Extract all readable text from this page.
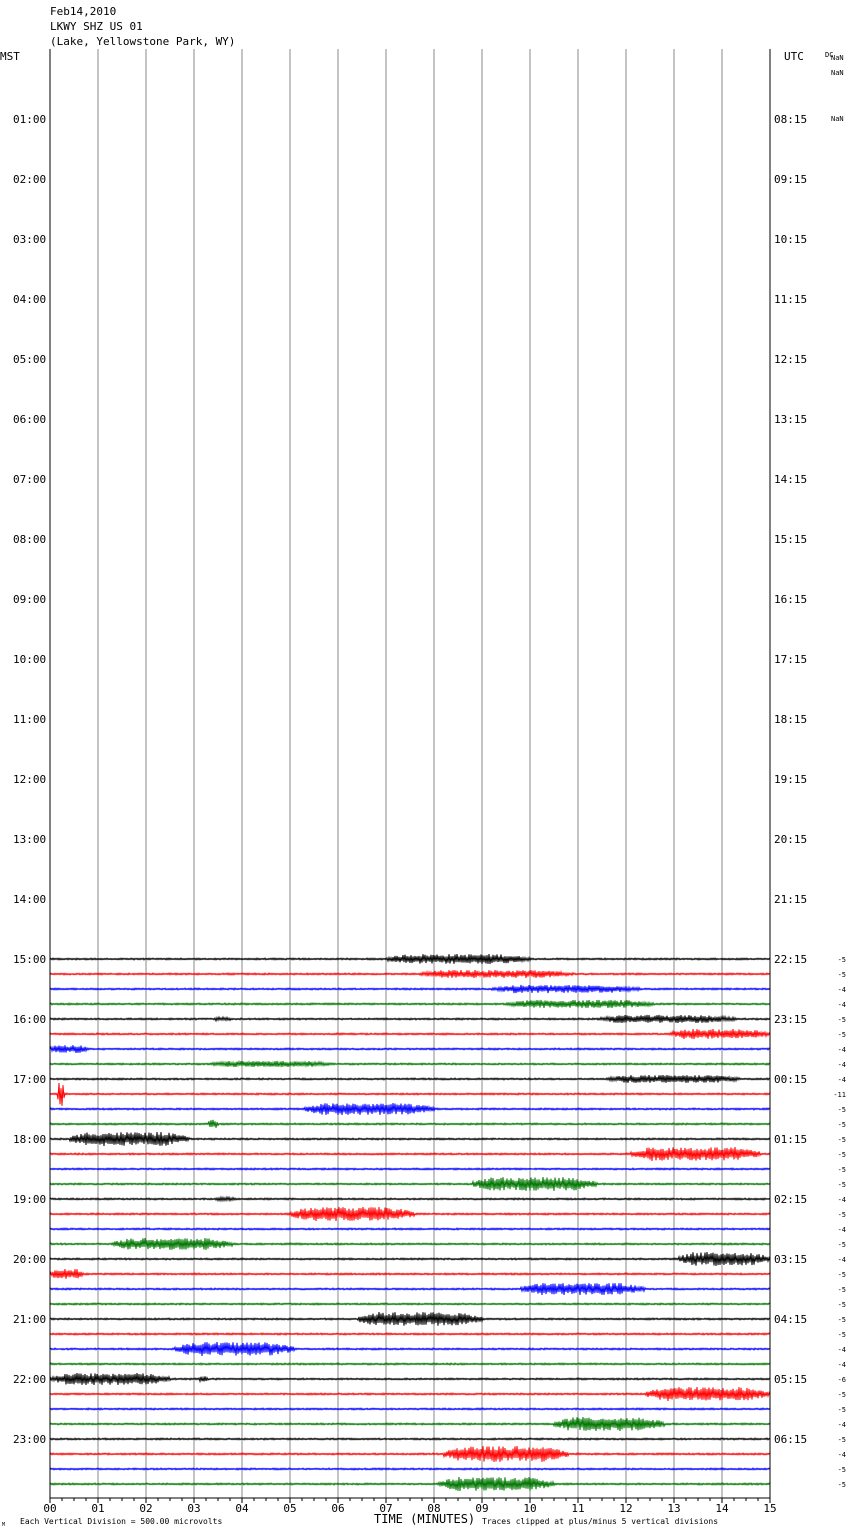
Feb14,2010
LKWY SHZ US 01
(Lake, Yellowstone Park, WY)
00	01	02	03	04	05	06	07	08	09	10	11	12	13	14	15
01:00	08:15
02:00	09:15
03:00	10:15
04:00	11:15
05:00	12:15
06:00	13:15
07:00	14:15
08:00	15:15
09:00	16:15
10:00	17:15
11:00	18:15
12:00	19:15
13:00	20:15
14:00	21:15
15:00	22:15
16:00	23:15
17:00	00:15
18:00	01:15
19:00	02:15
20:00	03:15
21:00	04:15
22:00	05:15
23:00	06:15
-5
-5
-4
-4
-5
-5
-4
-4
-4
-11
-5
-5
-5
-5
-5
-5
-4
-5
-4
-5
-4
-5
-5
-5
-5
-5
-4
-4
-6
-5
-5
-4
-5
-4
-5
-5
MST	UTC	DC
NaN
NaN
NaN
TIME (MINUTES)
Each Vertical Division = 500.00 microvolts	Traces clipped at plus/minus 5 vertical divisions
M
